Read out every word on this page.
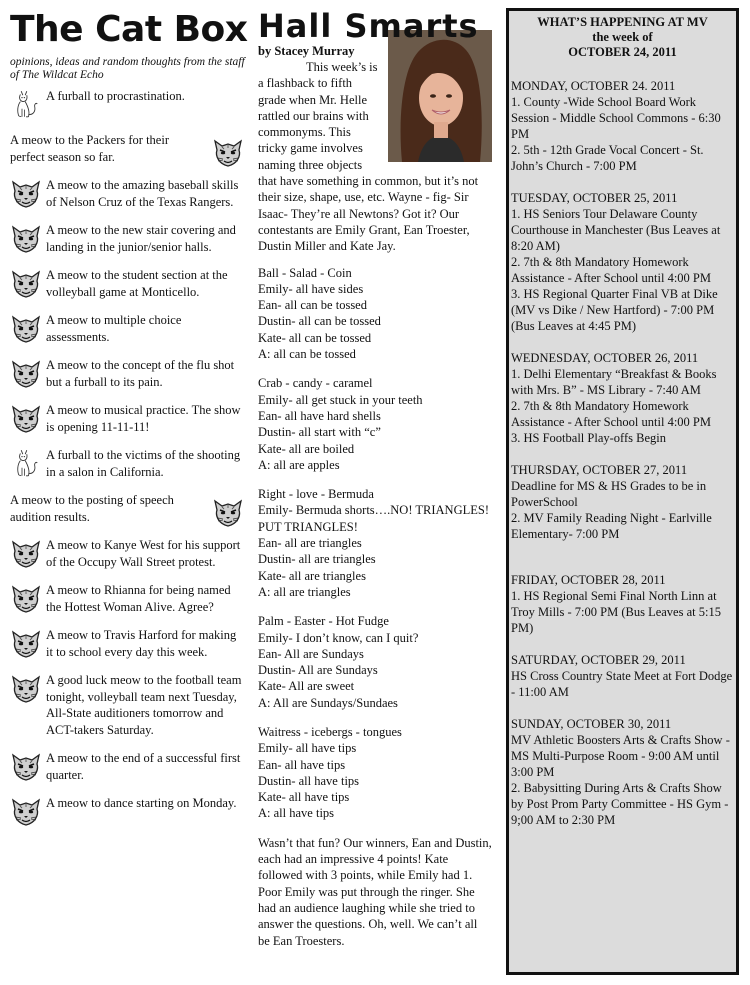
The Cat Box

opinions, ideas and random thoughts from the staff of The Wildcat Echo

A furball to procrastination.
A meow to the Packers for their perfect season so far.
A meow to the amazing baseball skills of Nelson Cruz of the Texas Rangers.
A meow to the new stair covering and landing in the junior/senior halls.
A meow to the student section at the volleyball game at Monticello.
A meow to multiple choice assessments.
A meow to the concept of the flu shot but a furball to its pain.
A meow to musical practice. The show is opening 11-11-11!
A furball to the victims of the shooting in a salon in California.
A meow to the posting of speech audition results.
A meow to Kanye West for his support of the Occupy Wall Street protest.
A meow to Rhianna for being named the Hottest Woman Alive. Agree?
A meow to Travis Harford for making it to school every day this week.
A good luck meow to the football team tonight, volleyball team next Tuesday, All-State auditioners tomorrow and ACT-takers Saturday.
A meow to the end of a successful first quarter.
A meow to dance starting on Monday.
Hall Smarts

by Stacey Murray

This week’s is a flashback to fifth grade when Mr. Helle rattled our brains with commonyms. This tricky game involves naming three objects that have something in common, but it’s not their size, shape, use, etc. Wayne - fig- Sir Isaac- They’re all Newtons? Got it? Our contestants are Emily Grant, Ean Troester, Dustin Miller and Kate Jay.

Ball - Salad - Coin

Emily- all have sides

Ean- all can be tossed

Dustin- all can be tossed

Kate- all can be tossed

A: all can be tossed

Crab - candy - caramel

Emily- all get stuck in your teeth

Ean- all have hard shells

Dustin- all start with “c”

Kate- all are boiled

A: all are apples

Right - love - Bermuda

Emily- Bermuda shorts….NO! TRIANGLES! PUT TRIANGLES!

Ean- all are triangles

Dustin- all are triangles

Kate- all are triangles

A: all are triangles

Palm - Easter - Hot Fudge

Emily- I don’t know, can I quit?

Ean- All are Sundays

Dustin- All are Sundays

Kate- All are sweet

A: All are Sundays/Sundaes

Waitress - icebergs - tongues

Emily- all have tips

Ean- all have tips

Dustin- all have tips

Kate- all have tips

A: all have tips

Wasn’t that fun? Our winners, Ean and Dustin, each had an impressive 4 points! Kate followed with 3 points, while Emily had 1. Poor Emily was put through the ringer. She had an audience laughing while she tried to answer the questions. Oh, well. We can’t all be Ean Troesters.

WHAT’S HAPPENING AT MV
the week of
OCTOBER 24, 2011

MONDAY, OCTOBER 24. 2011

1. County -Wide School Board Work Session - Middle School Commons - 6:30 PM

2. 5th - 12th Grade Vocal Concert - St. John’s Church - 7:00 PM

TUESDAY, OCTOBER 25, 2011

1. HS Seniors Tour Delaware County Courthouse in Manchester (Bus Leaves at 8:20 AM)

2. 7th & 8th Mandatory Homework Assistance - After School until 4:00 PM

3. HS Regional Quarter Final VB at Dike (MV vs Dike / New Hartford) - 7:00 PM (Bus Leaves at 4:45 PM)

WEDNESDAY, OCTOBER 26, 2011

1. Delhi Elementary “Breakfast & Books with Mrs. B” - MS Library - 7:40 AM

2. 7th & 8th Mandatory Homework Assistance - After School until 4:00 PM

3. HS Football Play-offs Begin

THURSDAY, OCTOBER 27, 2011

Deadline for MS & HS Grades to be in PowerSchool

2. MV Family Reading Night - Earlville Elementary- 7:00 PM

FRIDAY, OCTOBER 28, 2011

1. HS Regional Semi Final North Linn at Troy Mills - 7:00 PM (Bus Leaves at 5:15 PM)

SATURDAY, OCTOBER 29, 2011

HS Cross Country State Meet at Fort Dodge - 11:00 AM

SUNDAY, OCTOBER 30, 2011

MV Athletic Boosters Arts & Crafts Show - MS Multi-Purpose Room - 9:00 AM until 3:00 PM

2. Babysitting During Arts & Crafts Show by Post Prom Party Committee - HS Gym - 9;00 AM to 2:30 PM
